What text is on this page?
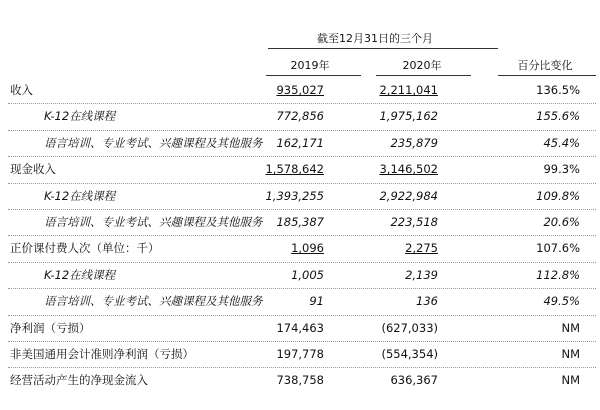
截至12月31日的三个月
2019年	2020年	百分比变化
收入	935,027	2,211,041	136.5%
K-12在线课程	772,856	1,975,162	155.6%
语言培训、专业考试、兴趣课程及其他服务 162,171	235,879	45.4%
现金收入	1,578,642	3,146,502	99.3%
K-12在线课程	1,393,255	2,922,984	109.8%
语言培训、专业考试、兴趣课程及其他服务 185,387	223,518	20.6%
正价课付费人次（单位：千）	1,096	2,275	107.6%
K-12在线课程	1,005	2,139	112.8%
语言培训、专业考试、兴趣课程及其他服务	91	136	49.5%
净利润（亏损）	174,463	(627,033)	NM
非美国通用会计准则净利润（亏损）	197,778	(554,354)	NM
经营活动产生的净现金流入	738,758	636,367	NM
